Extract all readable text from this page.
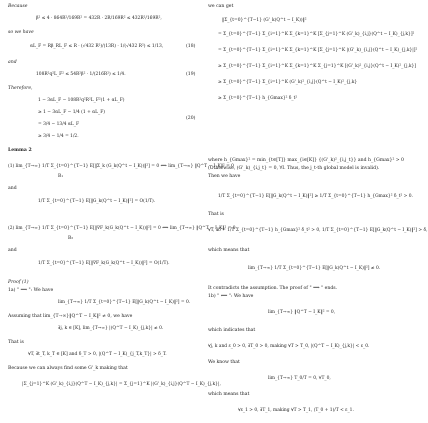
Because
β² ≤ 4 · 864R²/169R² = 432R · 2R/169R² ≤ 432R²/169R²,
so we have
αL_F = Rβ_RL_F ≤ R · (√432 R²)/(13R) · 1/(√432 R²) ≤ 1/13,	(18)
and
108R²q²L_F² ≤ 54R²β² · 1/(216R²) ≤ 1/4.	(19)
Therefore,
1 − 3αL_F − 108R²q²R²L_F²(1 + αL_F)
≥ 1 − 3αL_F − 1/4 (1 + αL_F)
= 3/4 − 13/4 αL_F
(20)
≥ 3/4 − 1/4 = 1/2.
Lemma 2
(1) lim_{T→∞} 1/T Σ_{t=0}^{T−1} E[‖Σ_k (G_k(Q^t − I_K))‖²] = 0 ⟺ lim_{T→∞} ‖Q^T − I_K‖² = 0
B₁
and
1/T Σ_{t=0}^{T−1} E[‖G_k(Q^t − I_K)‖²] = O(1/T).
(2) lim_{T→∞} 1/T Σ_{t=0}^{T−1} E[‖∇F_k(G_k(Q^t − I_K))‖²] = 0 ⟺ lim_{T→∞} ‖Q^T − I_K‖² = 0
B₂
and
1/T Σ_{t=0}^{T−1} E[‖∇F_k(G_k(Q^t − I_K))‖²] = O(1/T).
Proof (1)
1a) " ⟹ ": We have
lim_{T→∞} 1/T Σ_{t=0}^{T−1} E[‖G_k(Q^t − I_K)‖²] = 0.
Assuming that lim_{T→∞}‖Q^T − I_K‖² ≠ 0, we have
∃j, k ∈ [K], lim_{T→∞} |(Q^T − I_K)_{j,k}| ≠ 0.
That is
∀T, ∃t_T, k_T ∈ [K] and δ_T > 0, |(Q^T − I_K)_{j_T,k_T}| > δ_T.
Because we can always find some G'_k making that
|Σ_{j=1}^K (G'_k)_{i,j}(Q^T − I_K)_{j,k}| = Σ_{j=1}^K |(G'_k)_{i,j}(Q^T − I_K)_{j,k}|,
we can get
‖Σ_{t=0}^{T−1} (G'_k(Q^t − I_K))‖²
= Σ_{t=0}^{T−1} Σ_{i=1}^K Σ_{k=1}^K [Σ_{j=1}^K (G'_k)_{i,j}(Q^t − I_K)_{j,k}]²
= Σ_{t=0}^{T−1} Σ_{i=1}^K Σ_{k=1}^K [Σ_{j=1}^K |(G'_k)_{i,j}(Q^t − I_K)_{j,k}|]²
≥ Σ_{t=0}^{T−1} Σ_{i=1}^K Σ_{k=1}^K Σ_{j=1}^K [(G'_k)²_{i,j}(Q^t − I_K)²_{j,k}]
≥ Σ_{t=0}^{T−1} Σ_{i=1}^K (G'_k)²_{i,j}(Q^t − I_K)²_{j,k}
≥ Σ_{t=0}^{T−1} h_{Gmax}² δ_t²
where h_{Gmax}² = min_{t∈[T]} max_{i∈[K]} {(G'_k)²_{i,j_t}} and h_{Gmax}² > 0
(Otherwise, (G'_k)_{i,j_t} = 0, ∀I. Thus, the j_t-th global model is invalid).
Then we have
1/T Σ_{t=0}^{T−1} E[‖G_k(Q^t − I_K)‖²] ≥ 1/T Σ_{t=0}^{T−1} h_{Gmax}² δ_t² > 0.
That is
∀T, ∃δ = 1/T Σ_{t=0}^{T−1} h_{Gmax}² δ_t² > 0, 1/T Σ_{t=0}^{T−1} E[‖G_k(Q^t − I_K)‖²] > δ,
which means that
lim_{T→∞} 1/T Σ_{t=0}^{T−1} E[‖G_k(Q^t − I_K)‖²] ≠ 0.
It contradicts the assumption. The proof of " ⟹ " ends.
1b) " ⟸ ": We have
lim_{T→∞} ‖Q^T − I_K‖² = 0,
which indicates that
∀j, k and ε_0 > 0, ∃T_0 > 0, making ∀T > T_0, |(Q^T − I_K)_{j,k}| < ε_0.
We know that
lim_{T→∞} T_0/T = 0, ∀T_0,
which means that
∀ε_1 > 0, ∃T_1, making ∀T > T_1, (T_0 + 1)/T < ε_1.
